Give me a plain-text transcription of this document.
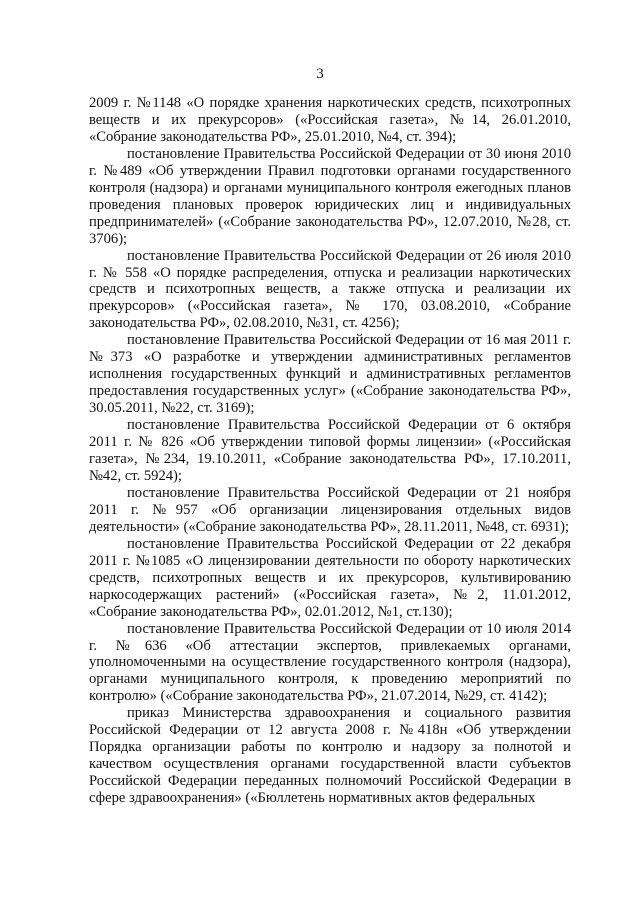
3

2009 г. №1148 «О порядке хранения наркотических средств, психотропных веществ и их прекурсоров» («Российская газета», №14, 26.01.2010, «Собрание законодательства РФ», 25.01.2010, №4, ст. 394);

постановление Правительства Российской Федерации от 30 июня 2010 г. №489 «Об утверждении Правил подготовки органами государственного контроля (надзора) и органами муниципального контроля ежегодных планов проведения плановых проверок юридических лиц и индивидуальных предпринимателей» («Собрание законодательства РФ», 12.07.2010, №28, ст. 3706);

постановление Правительства Российской Федерации от 26 июля 2010 г. № 558 «О порядке распределения, отпуска и реализации наркотических средств и психотропных веществ, а также отпуска и реализации их прекурсоров» («Российская газета», № 170, 03.08.2010, «Собрание законодательства РФ», 02.08.2010, №31, ст. 4256);

постановление Правительства Российской Федерации от 16 мая 2011 г. №373 «О разработке и утверждении административных регламентов исполнения государственных функций и административных регламентов предоставления государственных услуг» («Собрание законодательства РФ», 30.05.2011, №22, ст. 3169);

постановление Правительства Российской Федерации от 6 октября 2011 г. № 826 «Об утверждении типовой формы лицензии» («Российская газета», №234, 19.10.2011, «Собрание законодательства РФ», 17.10.2011, №42, ст. 5924);

постановление Правительства Российской Федерации от 21 ноября 2011 г. №957 «Об организации лицензирования отдельных видов деятельности» («Собрание законодательства РФ», 28.11.2011, №48, ст. 6931);

постановление Правительства Российской Федерации от 22 декабря 2011 г. №1085 «О лицензировании деятельности по обороту наркотических средств, психотропных веществ и их прекурсоров, культивированию наркосодержащих растений» («Российская газета», №2, 11.01.2012, «Собрание законодательства РФ», 02.01.2012, №1, ст.130);

постановление Правительства Российской Федерации от 10 июля 2014 г. №636 «Об аттестации экспертов, привлекаемых органами, уполномоченными на осуществление государственного контроля (надзора), органами муниципального контроля, к проведению мероприятий по контролю» («Собрание законодательства РФ», 21.07.2014, №29, ст. 4142);

приказ Министерства здравоохранения и социального развития Российской Федерации от 12 августа 2008 г. №418н «Об утверждении Порядка организации работы по контролю и надзору за полнотой и качеством осуществления органами государственной власти субъектов Российской Федерации переданных полномочий Российской Федерации в сфере здравоохранения» («Бюллетень нормативных актов федеральных
